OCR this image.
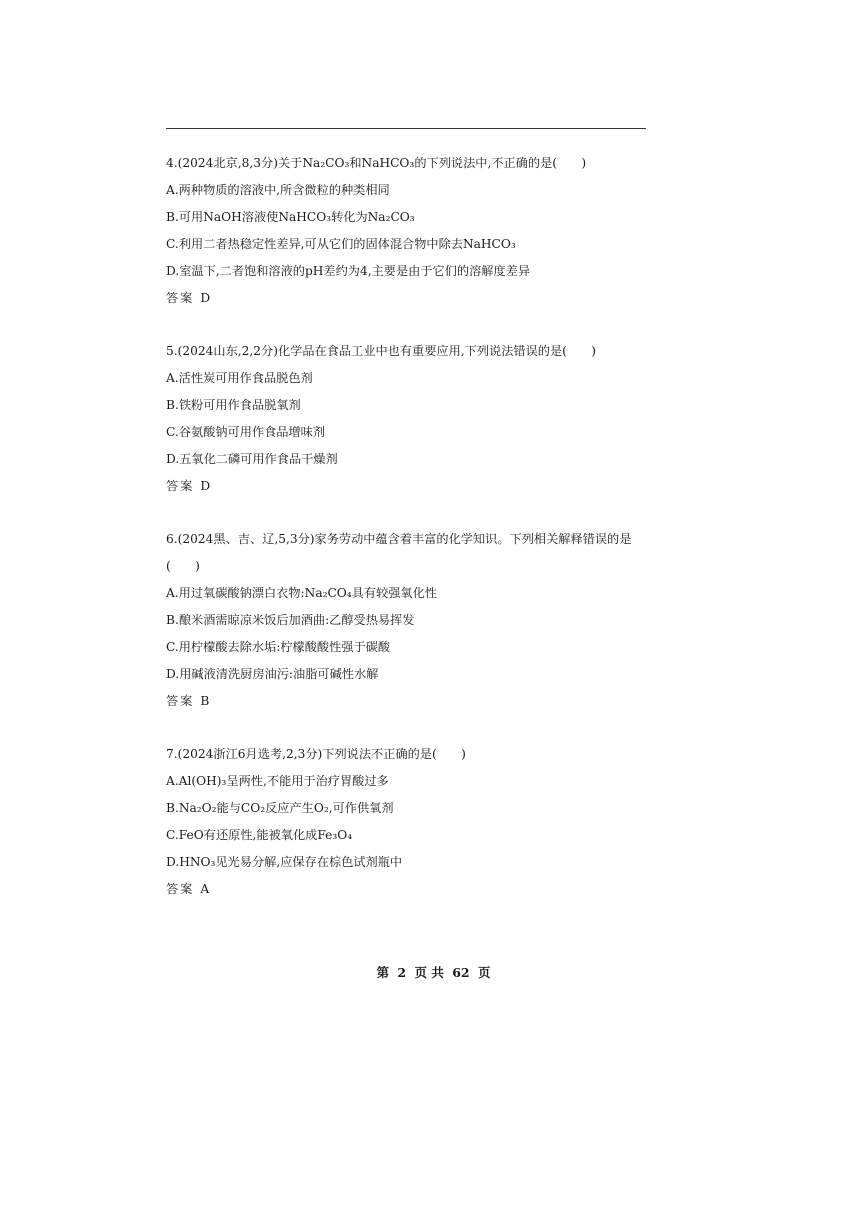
4.(2024北京,8,3分)关于Na₂CO₃和NaHCO₃的下列说法中,不正确的是(　　)
A.两种物质的溶液中,所含微粒的种类相同
B.可用NaOH溶液使NaHCO₃转化为Na₂CO₃
C.利用二者热稳定性差异,可从它们的固体混合物中除去NaHCO₃
D.室温下,二者饱和溶液的pH差约为4,主要是由于它们的溶解度差异
答案 D
5.(2024山东,2,2分)化学品在食品工业中也有重要应用,下列说法错误的是(　　)
A.活性炭可用作食品脱色剂
B.铁粉可用作食品脱氧剂
C.谷氨酸钠可用作食品增味剂
D.五氧化二磷可用作食品干燥剂
答案 D
6.(2024黑、吉、辽,5,3分)家务劳动中蕴含着丰富的化学知识。下列相关解释错误的是(　　)
A.用过氧碳酸钠漂白衣物:Na₂CO₄具有较强氧化性
B.酿米酒需晾凉米饭后加酒曲:乙醇受热易挥发
C.用柠檬酸去除水垢:柠檬酸酸性强于碳酸
D.用碱液清洗厨房油污:油脂可碱性水解
答案 B
7.(2024浙江6月选考,2,3分)下列说法不正确的是(　　)
A.Al(OH)₃呈两性,不能用于治疗胃酸过多
B.Na₂O₂能与CO₂反应产生O₂,可作供氧剂
C.FeO有还原性,能被氧化成Fe₃O₄
D.HNO₃见光易分解,应保存在棕色试剂瓶中
答案 A
第 2 页 共 62 页
